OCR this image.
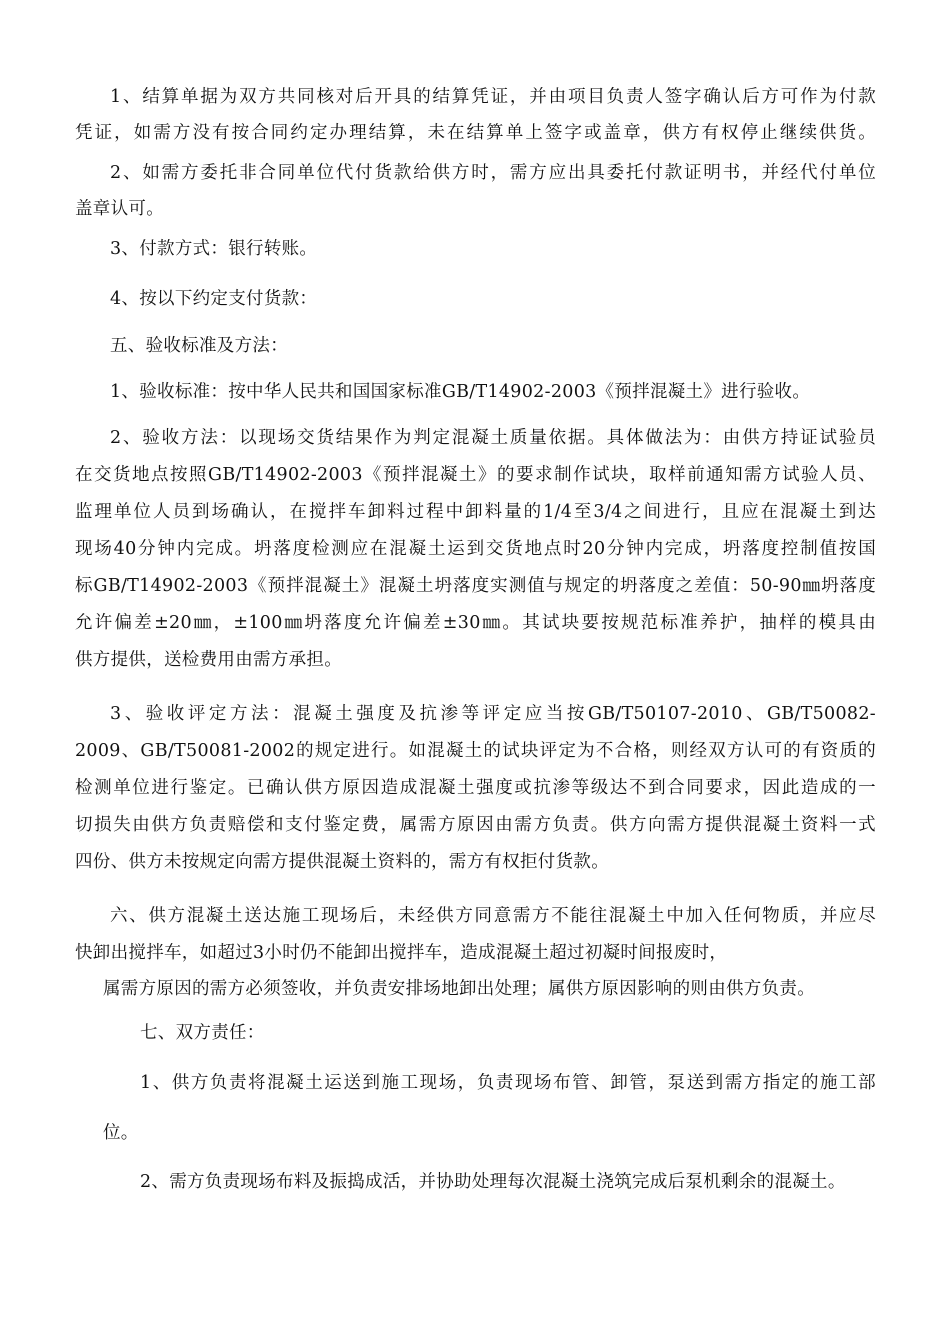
1、结算单据为双方共同核对后开具的结算凭证，并由项目负责人签字确认后方可作为付款
凭证，如需方没有按合同约定办理结算，未在结算单上签字或盖章，供方有权停止继续供货。
2、如需方委托非合同单位代付货款给供方时，需方应出具委托付款证明书，并经代付单位
盖章认可。
3、付款方式：银行转账。
4、按以下约定支付货款：
五、验收标准及方法：
1、验收标准：按中华人民共和国国家标准GB/T14902-2003《预拌混凝土》进行验收。
2、验收方法：以现场交货结果作为判定混凝土质量依据。具体做法为：由供方持证试验员
在交货地点按照GB/T14902-2003《预拌混凝土》的要求制作试块，取样前通知需方试验人员、
监理单位人员到场确认，在搅拌车卸料过程中卸料量的1/4至3/4之间进行，且应在混凝土到达
现场40分钟内完成。坍落度检测应在混凝土运到交货地点时20分钟内完成，坍落度控制值按国
标GB/T14902-2003《预拌混凝土》混凝土坍落度实测值与规定的坍落度之差值：50-90㎜坍落度
允许偏差±20㎜，±100㎜坍落度允许偏差±30㎜。其试块要按规范标准养护，抽样的模具由
供方提供，送检费用由需方承担。
3、验收评定方法：混凝土强度及抗渗等评定应当按GB/T50107-2010、GB/T50082-
2009、GB/T50081-2002的规定进行。如混凝土的试块评定为不合格，则经双方认可的有资质的
检测单位进行鉴定。已确认供方原因造成混凝土强度或抗渗等级达不到合同要求，因此造成的一
切损失由供方负责赔偿和支付鉴定费，属需方原因由需方负责。供方向需方提供混凝土资料一式
四份、供方未按规定向需方提供混凝土资料的，需方有权拒付货款。
六、供方混凝土送达施工现场后，未经供方同意需方不能往混凝土中加入任何物质，并应尽
快卸出搅拌车，如超过3小时仍不能卸出搅拌车，造成混凝土超过初凝时间报废时，
属需方原因的需方必须签收，并负责安排场地卸出处理；属供方原因影响的则由供方负责。
七、双方责任：
1、供方负责将混凝土运送到施工现场，负责现场布管、卸管，泵送到需方指定的施工部
位。
2、需方负责现场布料及振捣成活，并协助处理每次混凝土浇筑完成后泵机剩余的混凝土。
